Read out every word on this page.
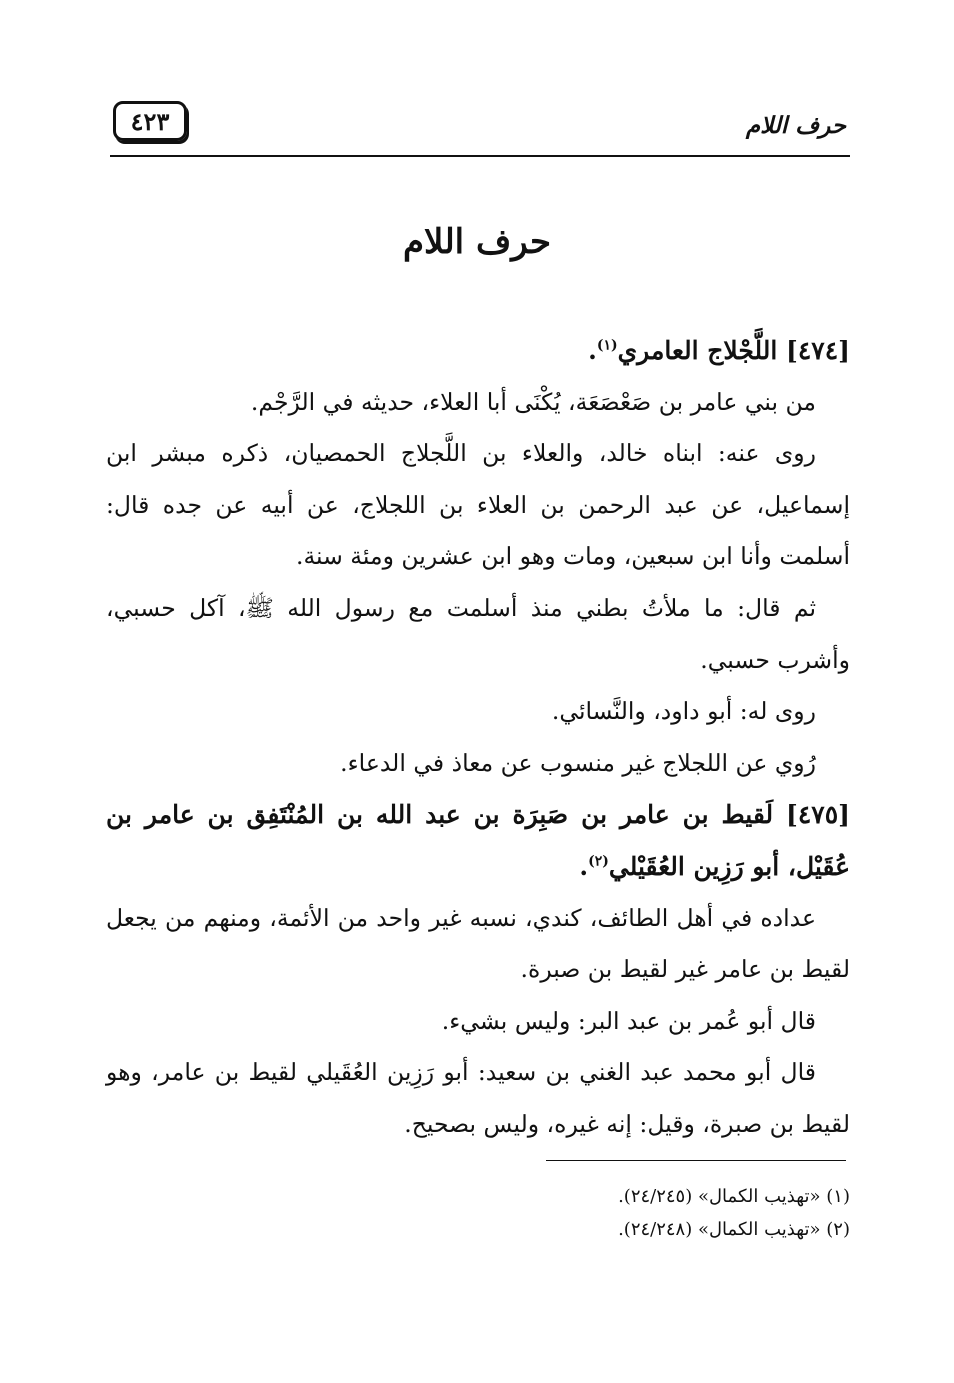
حرف اللام
٤٢٣
حرف اللام

[٤٧٤] اللَّجْلاج العامري$^{(١)}$.

من بني عامر بن صَعْصَعَة، يُكْنَى أبا العلاء، حديثه في الرَّجْم.

روى عنه: ابناه خالد، والعلاء بن اللَّجلاج الحمصيان، ذكره مبشر ابن إسماعيل، عن عبد الرحمن بن العلاء بن اللجلاج، عن أبيه عن جده قال: أسلمت وأنا ابن سبعين، ومات وهو ابن عشرين ومئة سنة.

ثم قال: ما ملأتُ بطني منذ أسلمت مع رسول الله ﷺ، آكل حسبي، وأشرب حسبي.

روى له: أبو داود، والنَّسائي.

رُوي عن اللجلاج غير منسوب عن معاذ في الدعاء.

[٤٧٥] لَقيط بن عامر بن صَبِرَة بن عبد الله بن المُنْتَفِق بن عامر بن عُقَيْل، أبو رَزِين العُقَيْلي$^{(٢)}$.

عداده في أهل الطائف، كندي، نسبه غير واحد من الأئمة، ومنهم من يجعل لقيط بن عامر غير لقيط بن صبرة.

قال أبو عُمر بن عبد البر: وليس بشيء.

قال أبو محمد عبد الغني بن سعيد: أبو رَزِين العُقَيلي لقيط بن عامر، وهو لقيط بن صبرة، وقيل: إنه غيره، وليس بصحيح.

(١) «تهذيب الكمال» (٢٤/٢٤٥).

(٢) «تهذيب الكمال» (٢٤/٢٤٨).
